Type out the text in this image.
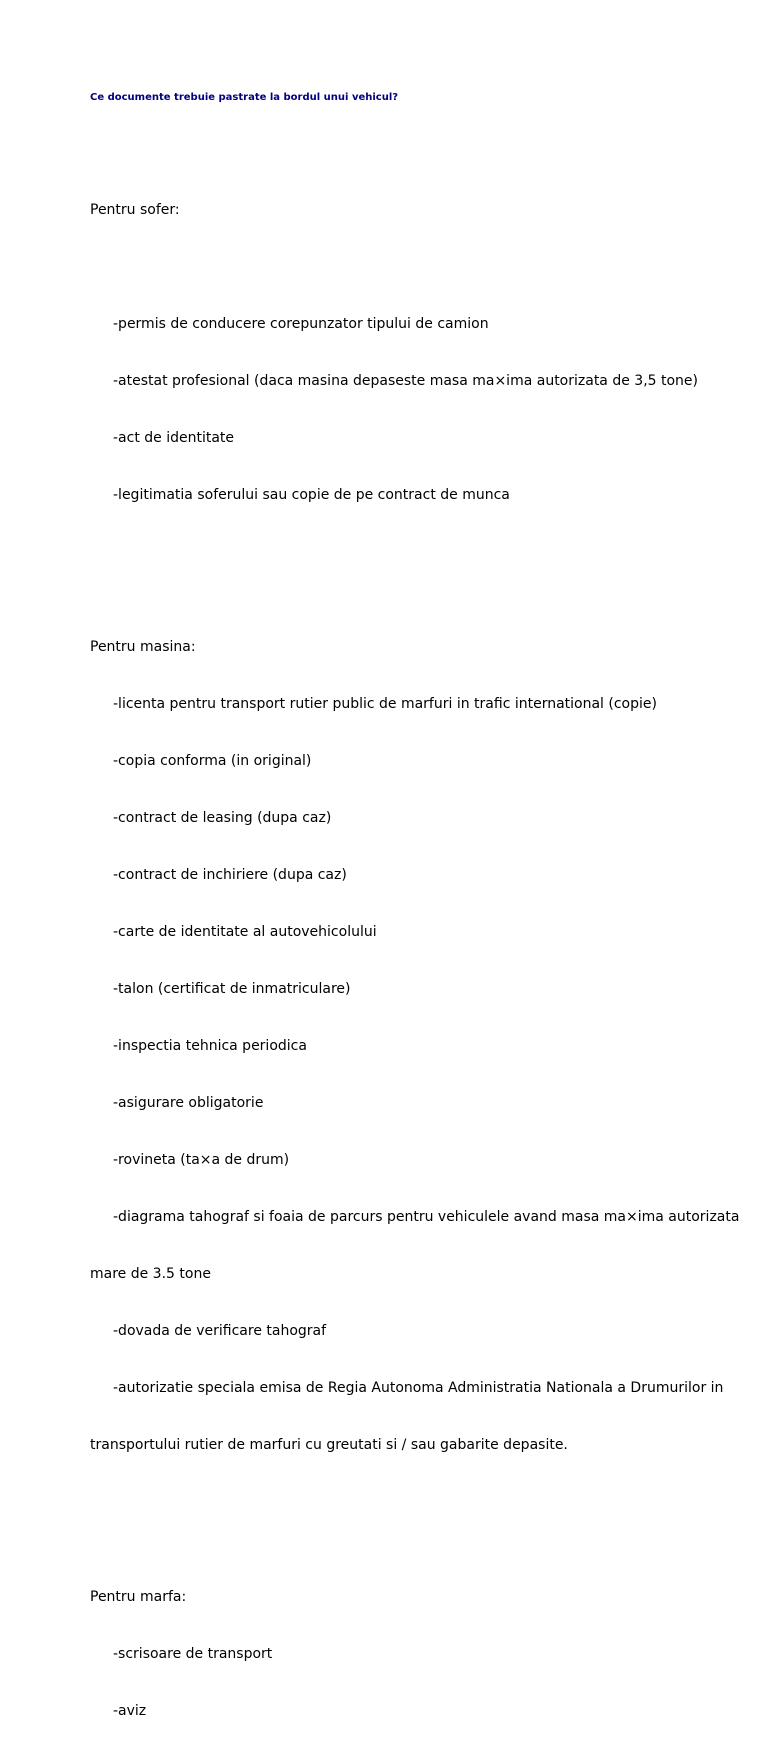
Ce documente trebuie pastrate la bordul unui vehicul?

Pentru sofer:

-permis de conducere corepunzator tipului de camion

-atestat profesional (daca masina depaseste masa ma×ima autorizata de 3,5 tone)

-act de identitate

-legitimatia soferului sau copie de pe contract de munca

Pentru masina:

-licenta pentru transport rutier public de marfuri in trafic international (copie)

-copia conforma (in original)

-contract de leasing (dupa caz)

-contract de inchiriere (dupa caz)

-carte de identitate al autovehicolului

-talon (certificat de inmatriculare)

-inspectia tehnica periodica

-asigurare obligatorie

-rovineta (ta×a de drum)

-diagrama tahograf si foaia de parcurs pentru vehiculele avand masa ma×ima autorizata

mare de 3.5 tone

-dovada de verificare tahograf

-autorizatie speciala emisa de Regia Autonoma Administratia Nationala a Drumurilor in

transportului rutier de marfuri cu greutati si / sau gabarite depasite.

Pentru marfa:

-scrisoare de transport

-aviz
